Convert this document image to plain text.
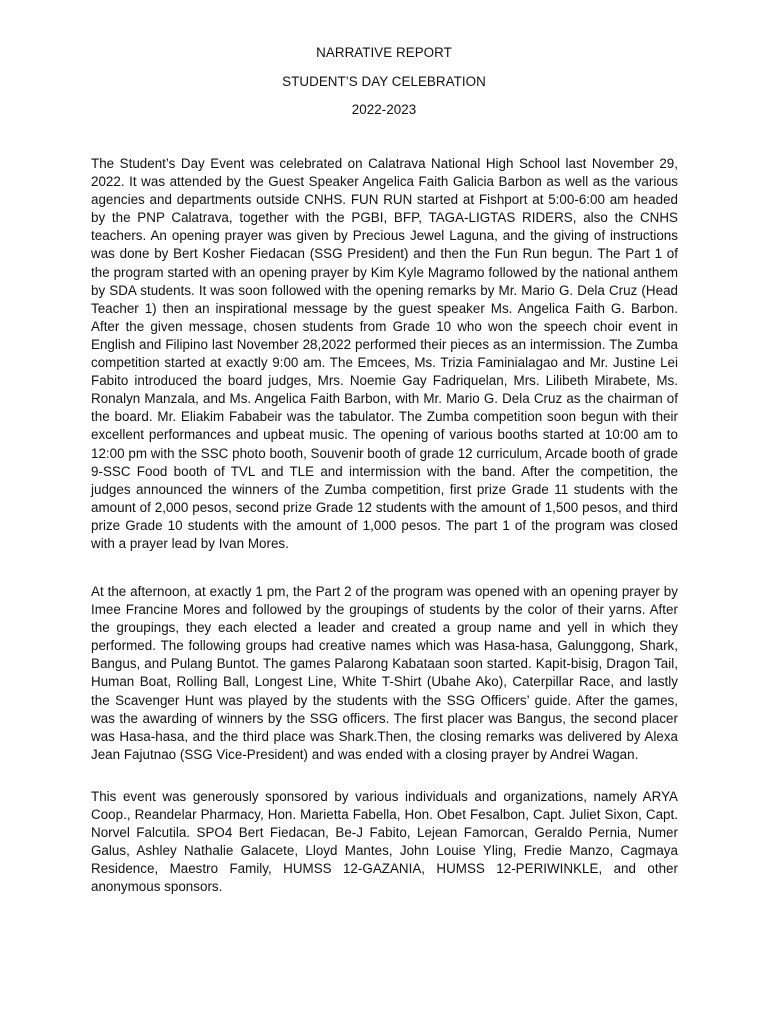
NARRATIVE REPORT
STUDENT’S DAY CELEBRATION
2022-2023

The Student’s Day Event was celebrated on Calatrava National High School last November 29, 2022. It was attended by the Guest Speaker Angelica Faith Galicia Barbon as well as the various agencies and departments outside CNHS. FUN RUN started at Fishport at 5:00-6:00 am headed by the PNP Calatrava, together with the PGBI, BFP, TAGA-LIGTAS RIDERS, also the CNHS teachers. An opening prayer was given by Precious Jewel Laguna, and the giving of instructions was done by Bert Kosher Fiedacan (SSG President) and then the Fun Run begun. The Part 1 of the program started with an opening prayer by Kim Kyle Magramo followed by the national anthem by SDA students. It was soon followed with the opening remarks by Mr. Mario G. Dela Cruz (Head Teacher 1) then an inspirational message by the guest speaker Ms. Angelica Faith G. Barbon. After the given message, chosen students from Grade 10 who won the speech choir event in English and Filipino last November 28,2022 performed their pieces as an intermission. The Zumba competition started at exactly 9:00 am. The Emcees, Ms. Trizia Faminialagao and Mr. Justine Lei Fabito introduced the board judges, Mrs. Noemie Gay Fadriquelan, Mrs. Lilibeth Mirabete, Ms. Ronalyn Manzala, and Ms. Angelica Faith Barbon, with Mr. Mario G. Dela Cruz as the chairman of the board. Mr. Eliakim Fababeir was the tabulator. The Zumba competition soon begun with their excellent performances and upbeat music. The opening of various booths started at 10:00 am to 12:00 pm with the SSC photo booth, Souvenir booth of grade 12 curriculum, Arcade booth of grade 9-SSC Food booth of TVL and TLE and intermission with the band. After the competition, the judges announced the winners of the Zumba competition, first prize Grade 11 students with the amount of 2,000 pesos, second prize Grade 12 students with the amount of 1,500 pesos, and third prize Grade 10 students with the amount of 1,000 pesos. The part 1 of the program was closed with a prayer lead by Ivan Mores.

At the afternoon, at exactly 1 pm, the Part 2 of the program was opened with an opening prayer by Imee Francine Mores and followed by the groupings of students by the color of their yarns. After the groupings, they each elected a leader and created a group name and yell in which they performed. The following groups had creative names which was Hasa-hasa, Galunggong, Shark, Bangus, and Pulang Buntot. The games Palarong Kabataan soon started. Kapit-bisig, Dragon Tail, Human Boat, Rolling Ball, Longest Line, White T-Shirt (Ubahe Ako), Caterpillar Race, and lastly the Scavenger Hunt was played by the students with the SSG Officers’ guide. After the games, was the awarding of winners by the SSG officers. The first placer was Bangus, the second placer was Hasa-hasa, and the third place was Shark.Then, the closing remarks was delivered by Alexa Jean Fajutnao (SSG Vice-President) and was ended with a closing prayer by Andrei Wagan.

This event was generously sponsored by various individuals and organizations, namely ARYA Coop., Reandelar Pharmacy, Hon. Marietta Fabella, Hon. Obet Fesalbon, Capt. Juliet Sixon, Capt. Norvel Falcutila. SPO4 Bert Fiedacan, Be-J Fabito, Lejean Famorcan, Geraldo Pernia, Numer Galus, Ashley Nathalie Galacete, Lloyd Mantes, John Louise Yling, Fredie Manzo, Cagmaya Residence, Maestro Family, HUMSS 12-GAZANIA, HUMSS 12-PERIWINKLE, and other anonymous sponsors.
